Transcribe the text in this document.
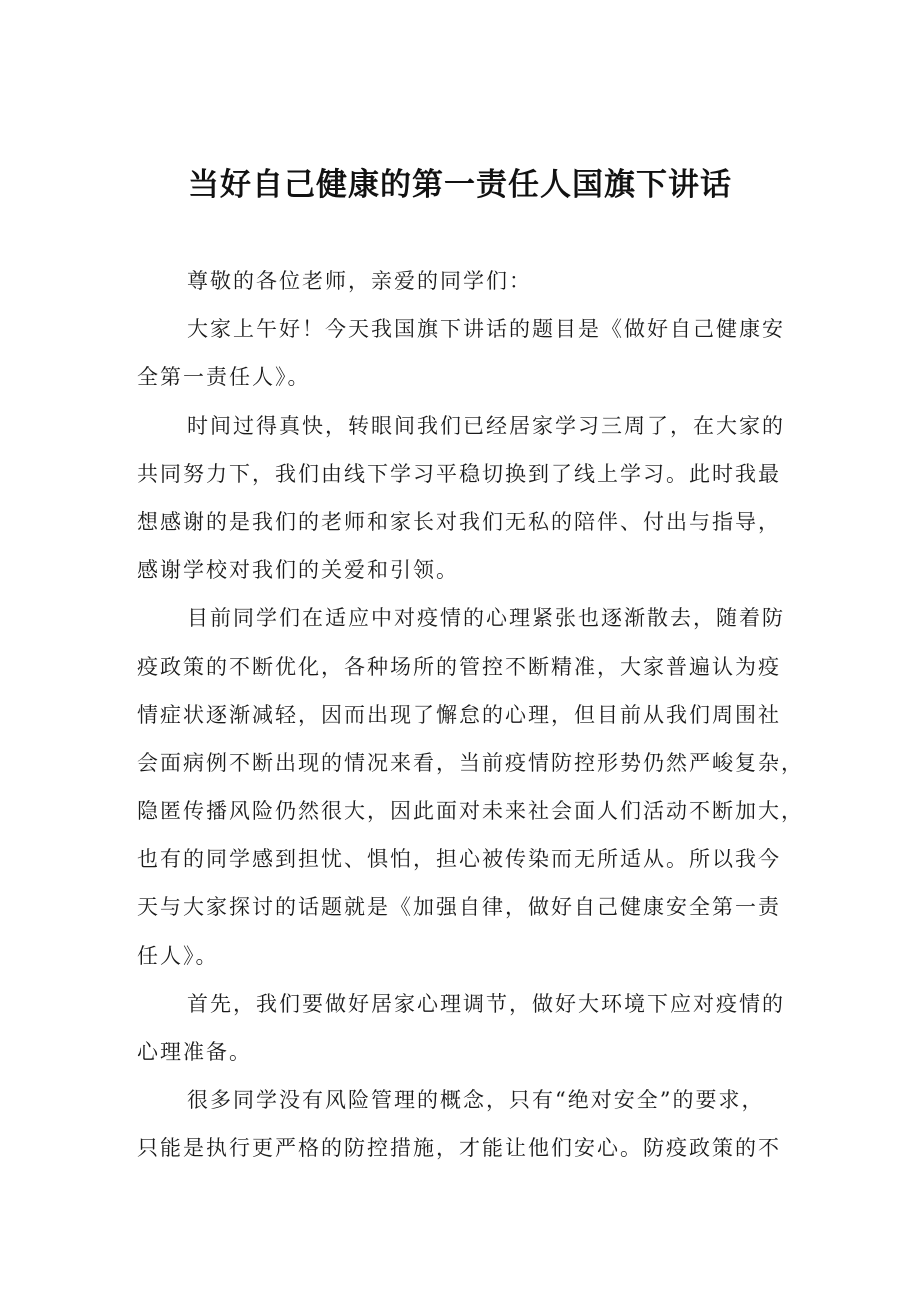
当好自己健康的第一责任人国旗下讲话
尊敬的各位老师，亲爱的同学们：
大家上午好！今天我国旗下讲话的题目是《做好自己健康安
全第一责任人》。
时间过得真快，转眼间我们已经居家学习三周了，在大家的
共同努力下，我们由线下学习平稳切换到了线上学习。此时我最
想感谢的是我们的老师和家长对我们无私的陪伴、付出与指导，
感谢学校对我们的关爱和引领。
目前同学们在适应中对疫情的心理紧张也逐渐散去，随着防
疫政策的不断优化，各种场所的管控不断精准，大家普遍认为疫
情症状逐渐减轻，因而出现了懈怠的心理，但目前从我们周围社
会面病例不断出现的情况来看，当前疫情防控形势仍然严峻复杂，
隐匿传播风险仍然很大，因此面对未来社会面人们活动不断加大，
也有的同学感到担忧、惧怕，担心被传染而无所适从。所以我今
天与大家探讨的话题就是《加强自律，做好自己健康安全第一责
任人》。
首先，我们要做好居家心理调节，做好大环境下应对疫情的
心理准备。
很多同学没有风险管理的概念，只有“绝对安全”的要求，
只能是执行更严格的防控措施，才能让他们安心。防疫政策的不
